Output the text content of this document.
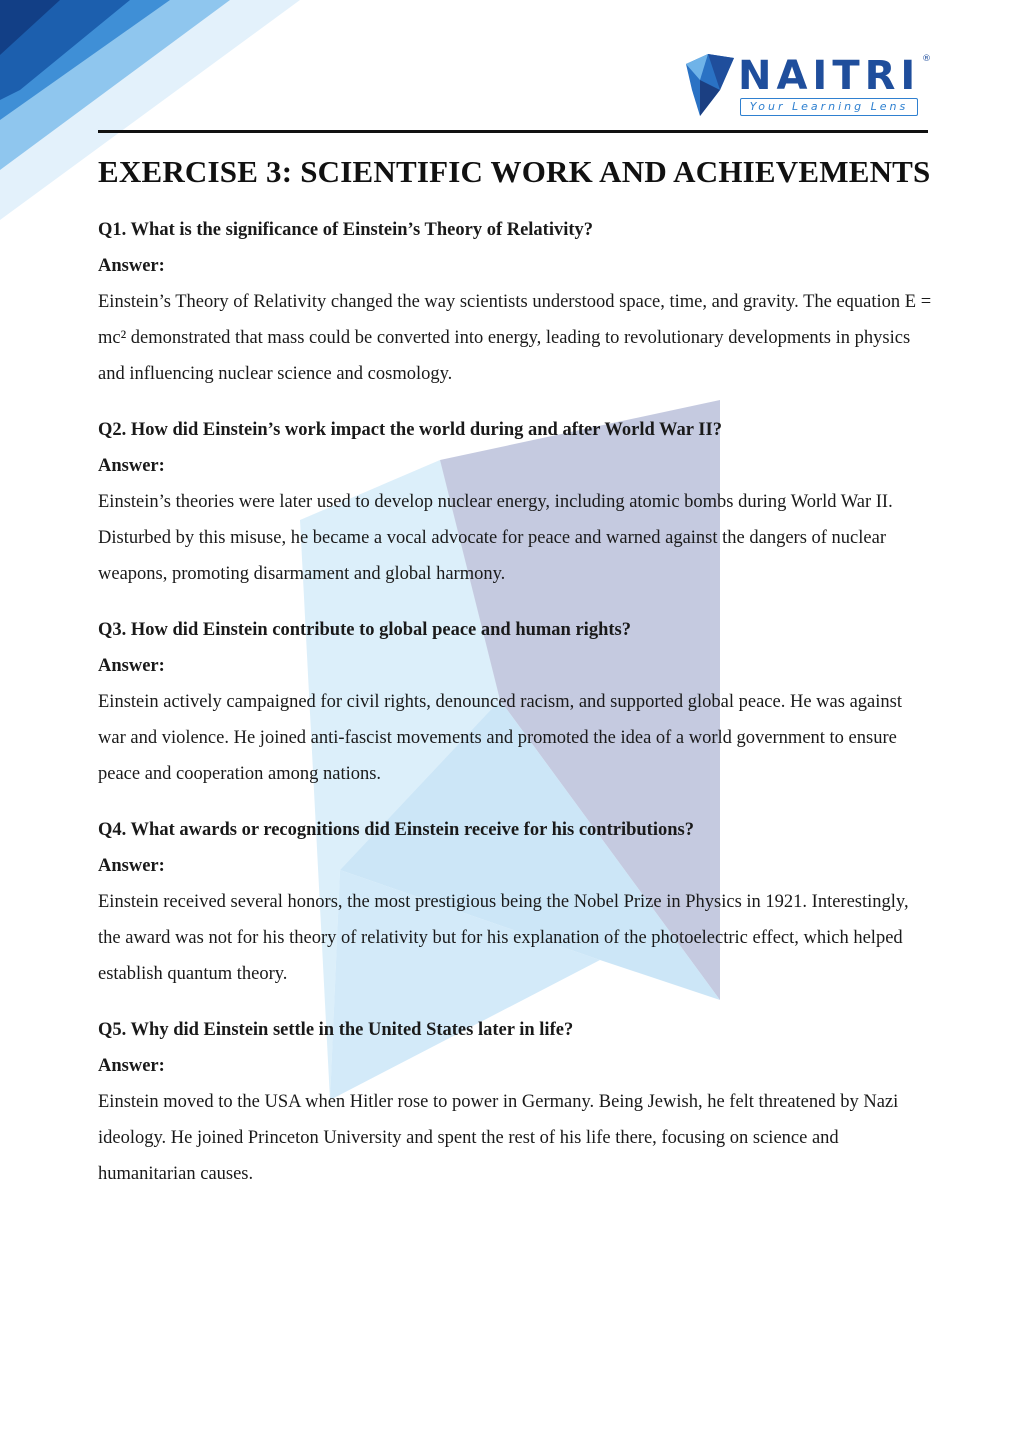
NAITRI ®
Your Learning Lens
EXERCISE 3: SCIENTIFIC WORK AND ACHIEVEMENTS
Q1. What is the significance of Einstein’s Theory of Relativity?
Answer:
Einstein’s Theory of Relativity changed the way scientists understood space, time, and gravity. The equation E = mc² demonstrated that mass could be converted into energy, leading to revolutionary developments in physics and influencing nuclear science and cosmology.
Q2. How did Einstein’s work impact the world during and after World War II?
Answer:
Einstein’s theories were later used to develop nuclear energy, including atomic bombs during World War II. Disturbed by this misuse, he became a vocal advocate for peace and warned against the dangers of nuclear weapons, promoting disarmament and global harmony.
Q3. How did Einstein contribute to global peace and human rights?
Answer:
Einstein actively campaigned for civil rights, denounced racism, and supported global peace. He was against war and violence. He joined anti-fascist movements and promoted the idea of a world government to ensure peace and cooperation among nations.
Q4. What awards or recognitions did Einstein receive for his contributions?
Answer:
Einstein received several honors, the most prestigious being the Nobel Prize in Physics in 1921. Interestingly, the award was not for his theory of relativity but for his explanation of the photoelectric effect, which helped establish quantum theory.
Q5. Why did Einstein settle in the United States later in life?
Answer:
Einstein moved to the USA when Hitler rose to power in Germany. Being Jewish, he felt threatened by Nazi ideology. He joined Princeton University and spent the rest of his life there, focusing on science and humanitarian causes.
